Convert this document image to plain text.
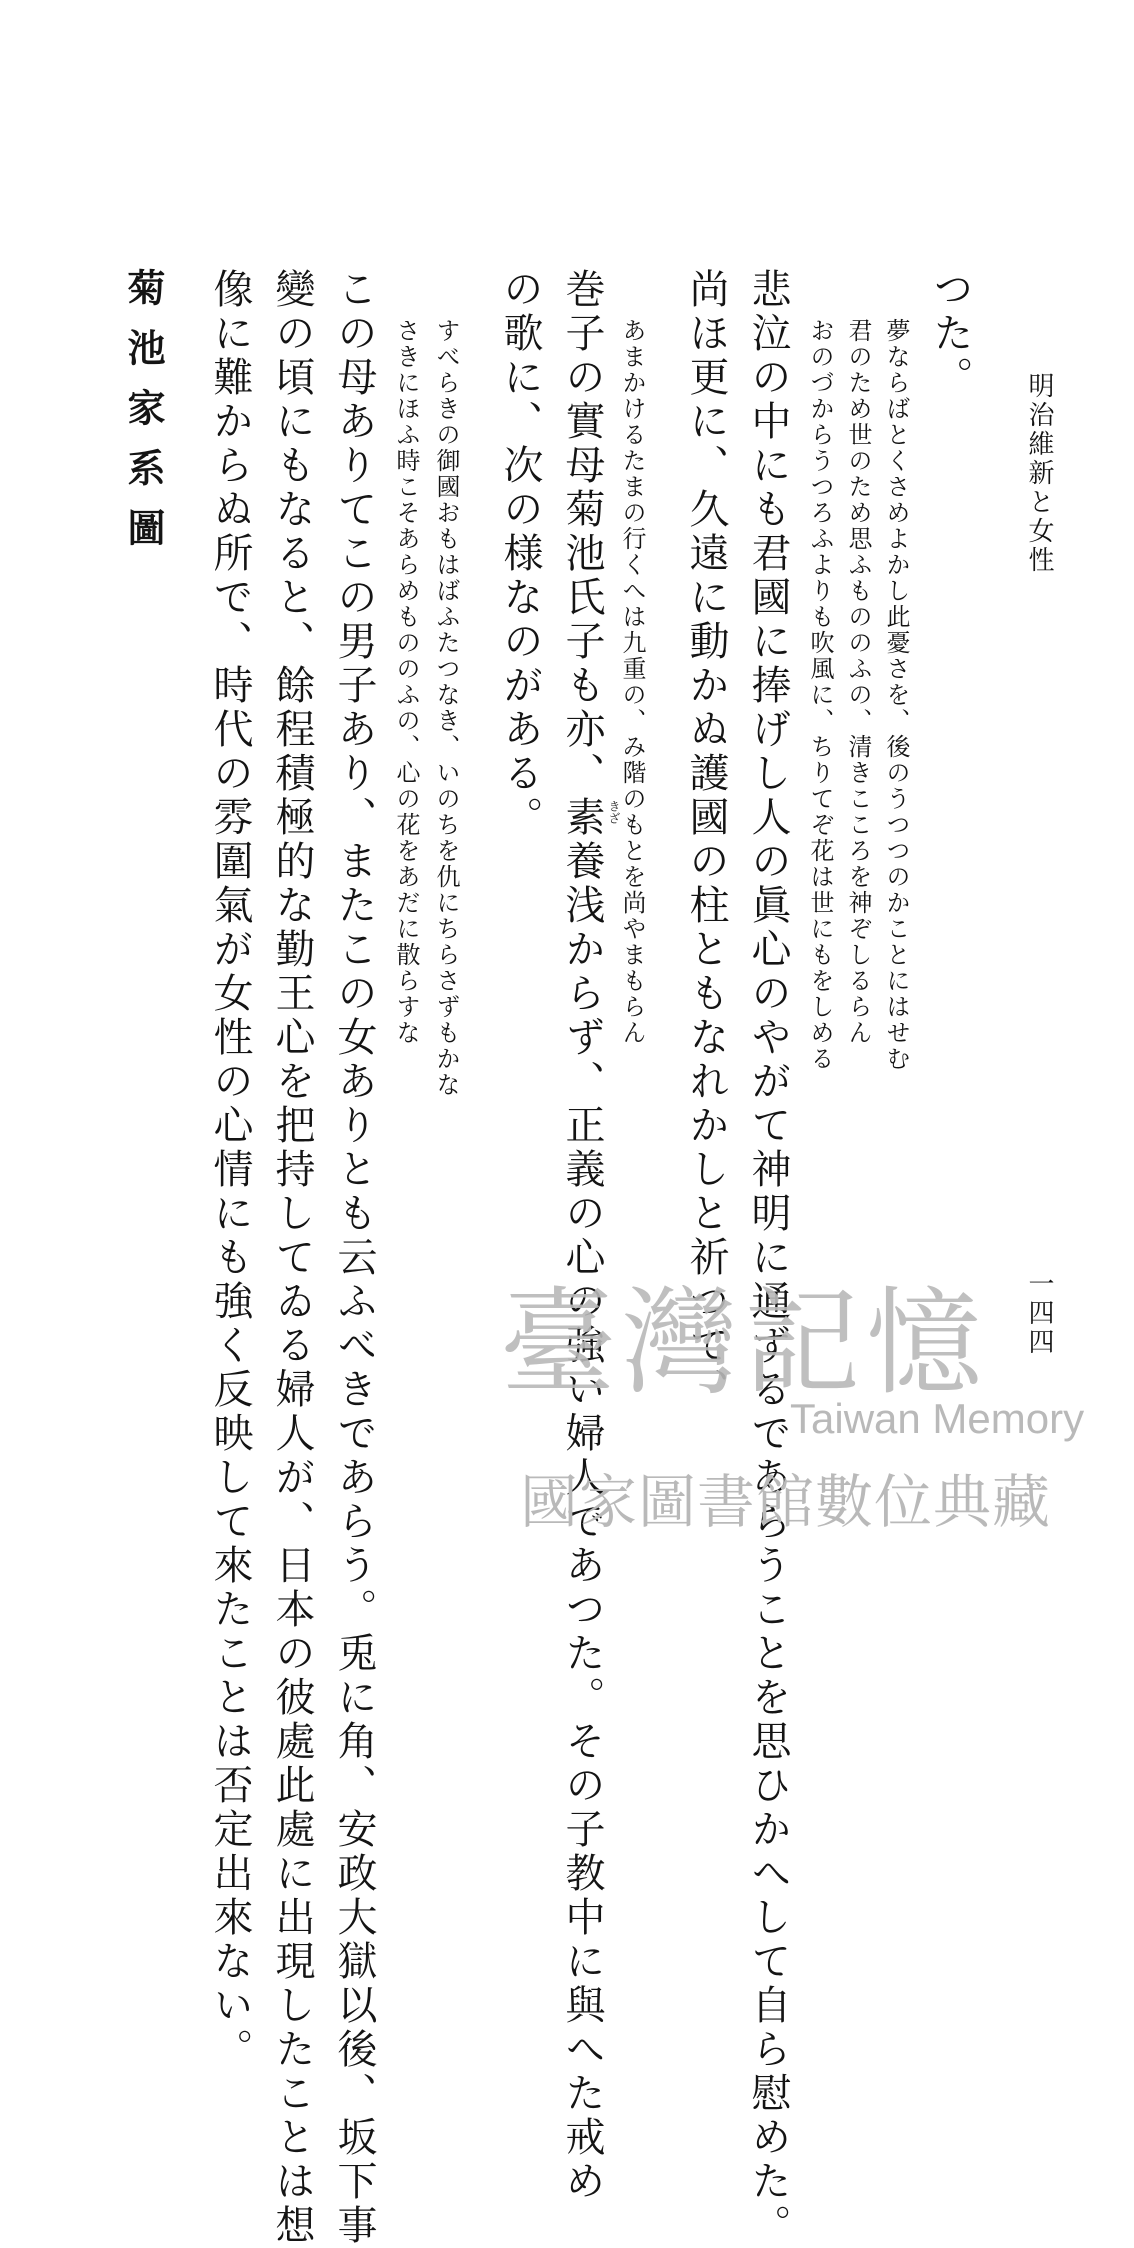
明治維新と女性
一四四
つた。
夢ならばとくさめよかし此憂さを、後のうつつのかことにはせむ
君のため世のため思ふもののふの、清きこころを神ぞしるらん
おのづからうつろふよりも吹風に、ちりてぞ花は世にもをしめる
悲泣の中にも君國に捧げし人の眞心のやがて神明に通ずるであらうことを思ひかへして自ら慰めた。
尚ほ更に、久遠に動かぬ護國の柱ともなれかしと祈つて、
あまかけるたまの行くへは九重の、み階のもとを尚やまもらん
きざ
巻子の實母菊池氏子も亦、素養浅からず、正義の心の強い婦人であつた。その子教中に與へた戒め
の歌に、次の様なのがある。
すべらきの御國おもはばふたつなき、いのちを仇にちらさずもかな
さきにほふ時こそあらめもののふの、心の花をあだに散らすな
この母ありてこの男子あり、またこの女ありとも云ふべきであらう。兎に角、安政大獄以後、坂下事
變の頃にもなると、餘程積極的な勤王心を把持してゐる婦人が、日本の彼處此處に出現したことは想
像に難からぬ所で、時代の雰圍氣が女性の心情にも強く反映して來たことは否定出來ない。
菊池家系圖
臺灣記憶
Taiwan Memory
國家圖書館數位典藏
